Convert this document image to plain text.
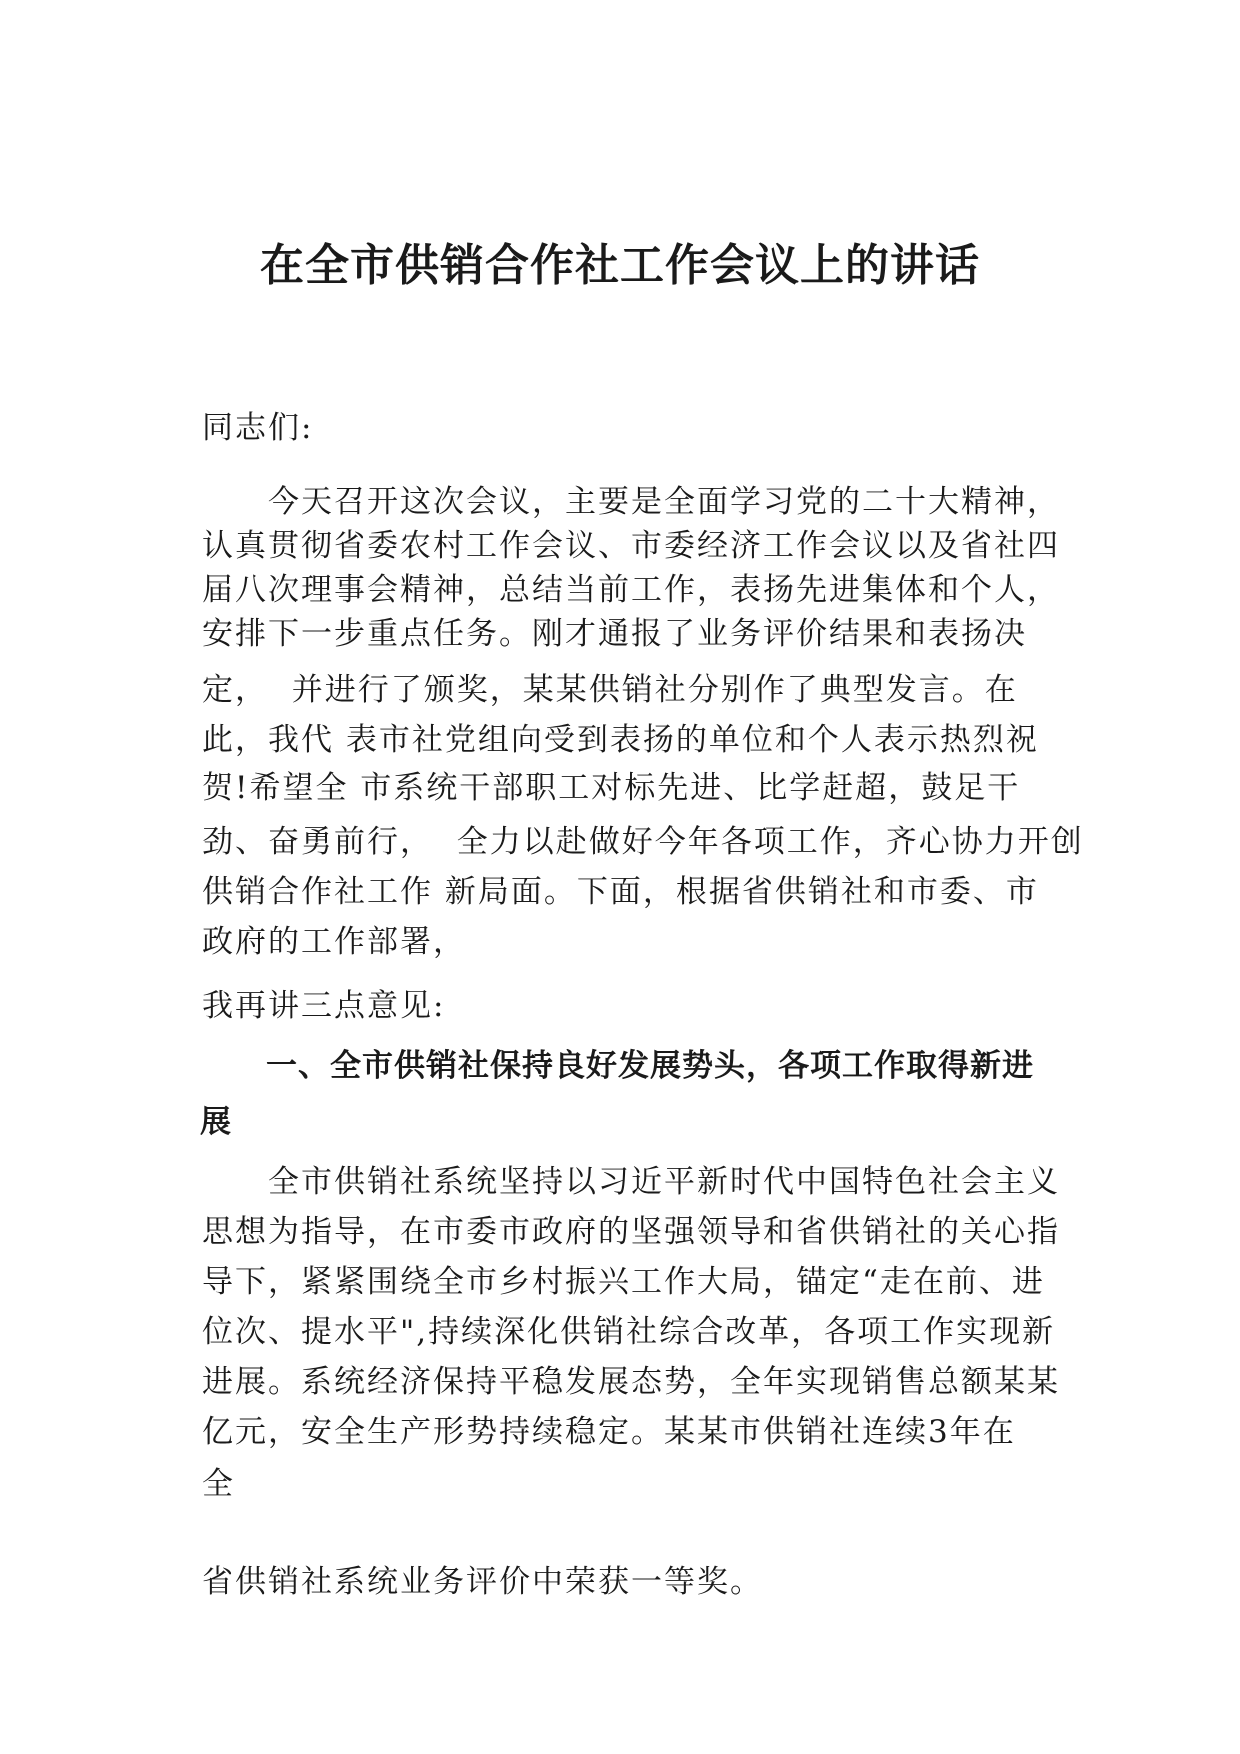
在全市供销合作社工作会议上的讲话

同志们:

今天召开这次会议，主要是全面学习党的二十大精神，

认真贯彻省委农村工作会议、市委经济工作会议以及省社四

届八次理事会精神，总结当前工作，表扬先进集体和个人，

安排下一步重点任务。刚才通报了业务评价结果和表扬决

定，  并进行了颁奖，某某供销社分别作了典型发言。在

此，我代 表市社党组向受到表扬的单位和个人表示热烈祝

贺!希望全 市系统干部职工对标先进、比学赶超，鼓足干

劲、奋勇前行，  全力以赴做好今年各项工作，齐心协力开创

供销合作社工作 新局面。下面，根据省供销社和市委、市

政府的工作部署，

我再讲三点意见:

一、全市供销社保持良好发展势头，各项工作取得新进

展

全市供销社系统坚持以习近平新时代中国特色社会主义

思想为指导，在市委市政府的坚强领导和省供销社的关心指

导下，紧紧围绕全市乡村振兴工作大局，锚定“走在前、进

位次、提水平",持续深化供销社综合改革，各项工作实现新

进展。系统经济保持平稳发展态势，全年实现销售总额某某

亿元，安全生产形势持续稳定。某某市供销社连续3年在

全

省供销社系统业务评价中荣获一等奖。
